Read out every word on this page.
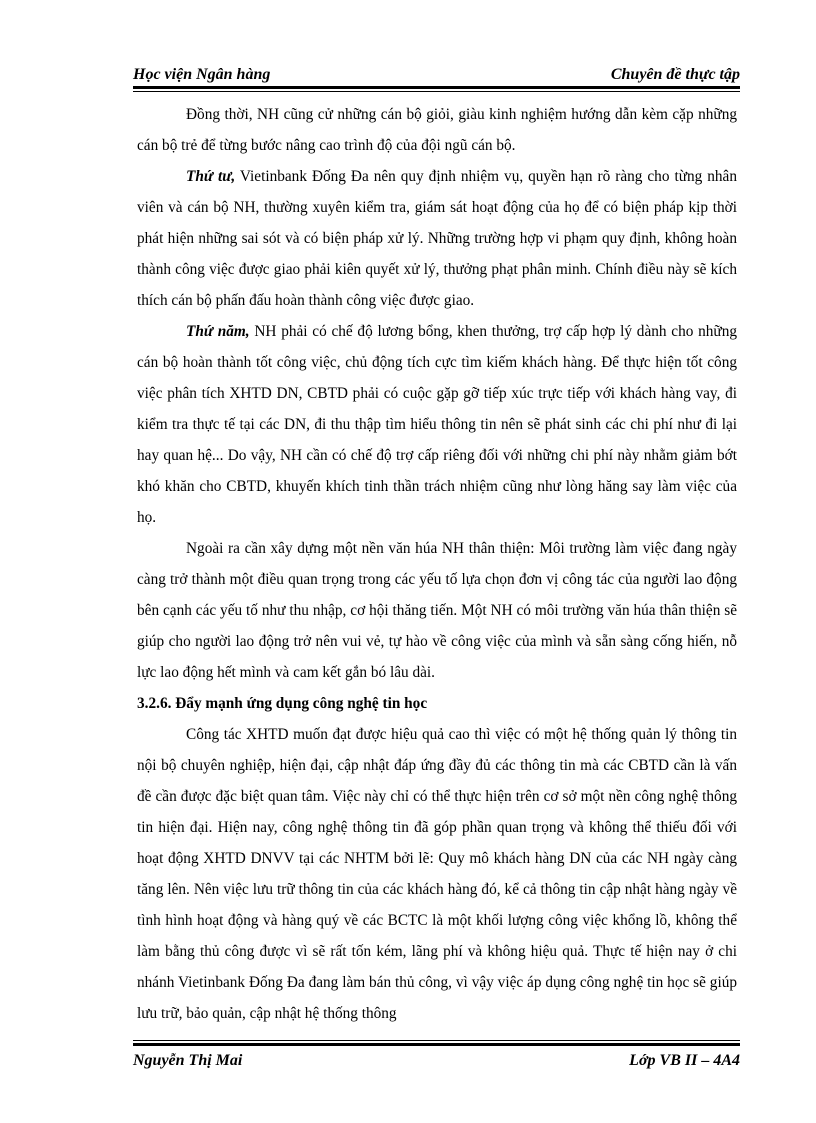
Học viện Ngân hàng	Chuyên đề thực tập

Đồng thời, NH cũng cử những cán bộ giỏi, giàu kinh nghiệm hướng dẫn kèm cặp những cán bộ trẻ để từng bước nâng cao trình độ của đội ngũ cán bộ.

Thứ tư, Vietinbank Đống Đa nên quy định nhiệm vụ, quyền hạn rõ ràng cho từng nhân viên và cán bộ NH, thường xuyên kiểm tra, giám sát hoạt động của họ để có biện pháp kịp thời phát hiện những sai sót và có biện pháp xử lý. Những trường hợp vi phạm quy định, không hoàn thành công việc được giao phải kiên quyết xử lý, thưởng phạt phân minh. Chính điều này sẽ kích thích cán bộ phấn đấu hoàn thành công việc được giao.

Thứ năm, NH phải có chế độ lương bổng, khen thưởng, trợ cấp hợp lý dành cho những cán bộ hoàn thành tốt công việc, chủ động tích cực tìm kiếm khách hàng. Để thực hiện tốt công việc phân tích XHTD DN, CBTD phải có cuộc gặp gỡ tiếp xúc trực tiếp với khách hàng vay, đi kiểm tra thực tế tại các DN, đi thu thập tìm hiểu thông tin nên sẽ phát sinh các chi phí như đi lại hay quan hệ... Do vậy, NH cần có chế độ trợ cấp riêng đối với những chi phí này nhằm giảm bớt khó khăn cho CBTD, khuyến khích tinh thần trách nhiệm cũng như lòng hăng say làm việc của họ.

Ngoài ra cần xây dựng một nền văn húa NH thân thiện: Môi trường làm việc đang ngày càng trở thành một điều quan trọng trong các yếu tố lựa chọn đơn vị công tác của người lao động bên cạnh các yếu tố như thu nhập, cơ hội thăng tiến. Một NH có môi trường văn húa thân thiện sẽ giúp cho người lao động trở nên vui vẻ, tự hào về công việc của mình và sẵn sàng cống hiến, nỗ lực lao động hết mình và cam kết gắn bó lâu dài.

3.2.6. Đẩy mạnh ứng dụng công nghệ tin học

Công tác XHTD muốn đạt được hiệu quả cao thì việc có một hệ thống quản lý thông tin nội bộ chuyên nghiệp, hiện đại, cập nhật đáp ứng đầy đủ các thông tin mà các CBTD cần là vấn đề cần được đặc biệt quan tâm. Việc này chỉ có thể thực hiện trên cơ sở một nền công nghệ thông tin hiện đại. Hiện nay, công nghệ thông tin đã góp phần quan trọng và không thể thiếu đối với hoạt động XHTD DNVV tại các NHTM bởi lẽ: Quy mô khách hàng DN của các NH ngày càng tăng lên. Nên việc lưu trữ thông tin của các khách hàng đó, kể cả thông tin cập nhật hàng ngày về tình hình hoạt động và hàng quý về các BCTC là một khối lượng công việc khổng lồ, không thể làm bằng thủ công được vì sẽ rất tốn kém, lãng phí và không hiệu quả. Thực tế hiện nay ở chi nhánh Vietinbank Đống Đa đang làm bán thủ công, vì vậy việc áp dụng công nghệ tin học sẽ giúp lưu trữ, bảo quản, cập nhật hệ thống thông

Nguyễn Thị Mai	Lớp VB II – 4A4
